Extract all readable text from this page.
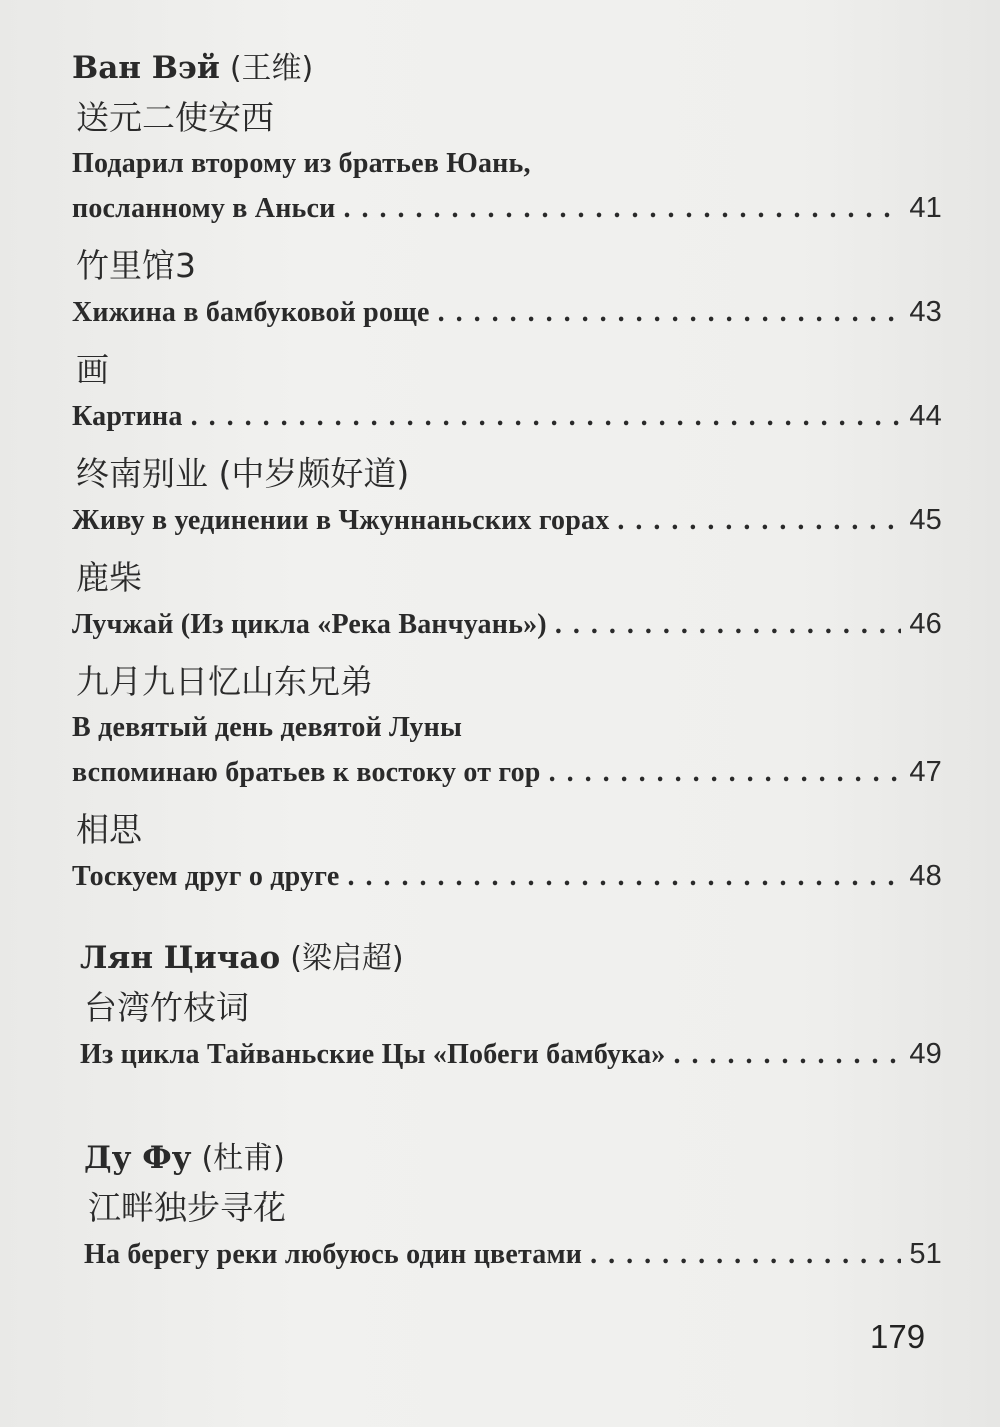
Ван Вэй (王维)
送元二使安西
Подарил второму из братьев Юань,
посланному в Аньси . . .	41
竹里馆3
Хижина в бамбуковой роще . . .	43
画
Картина . . .	44
终南别业 (中岁颇好道)
Живу в уединении в Чжуннаньских горах . . .	45
鹿柴
Лучжай (Из цикла «Река Ванчуань») . . .	46
九月九日忆山东兄弟
В девятый день девятой Луны
вспоминаю братьев к востоку от гор . . .	47
相思
Тоскуем друг о друге . . .	48
Лян Цичао (梁启超)
台湾竹枝词
Из цикла Тайваньские Цы «Побеги бамбука» . . .	49
Ду Фу (杜甫)
江畔独步寻花
На берегу реки любуюсь один цветами . . .	51
179
